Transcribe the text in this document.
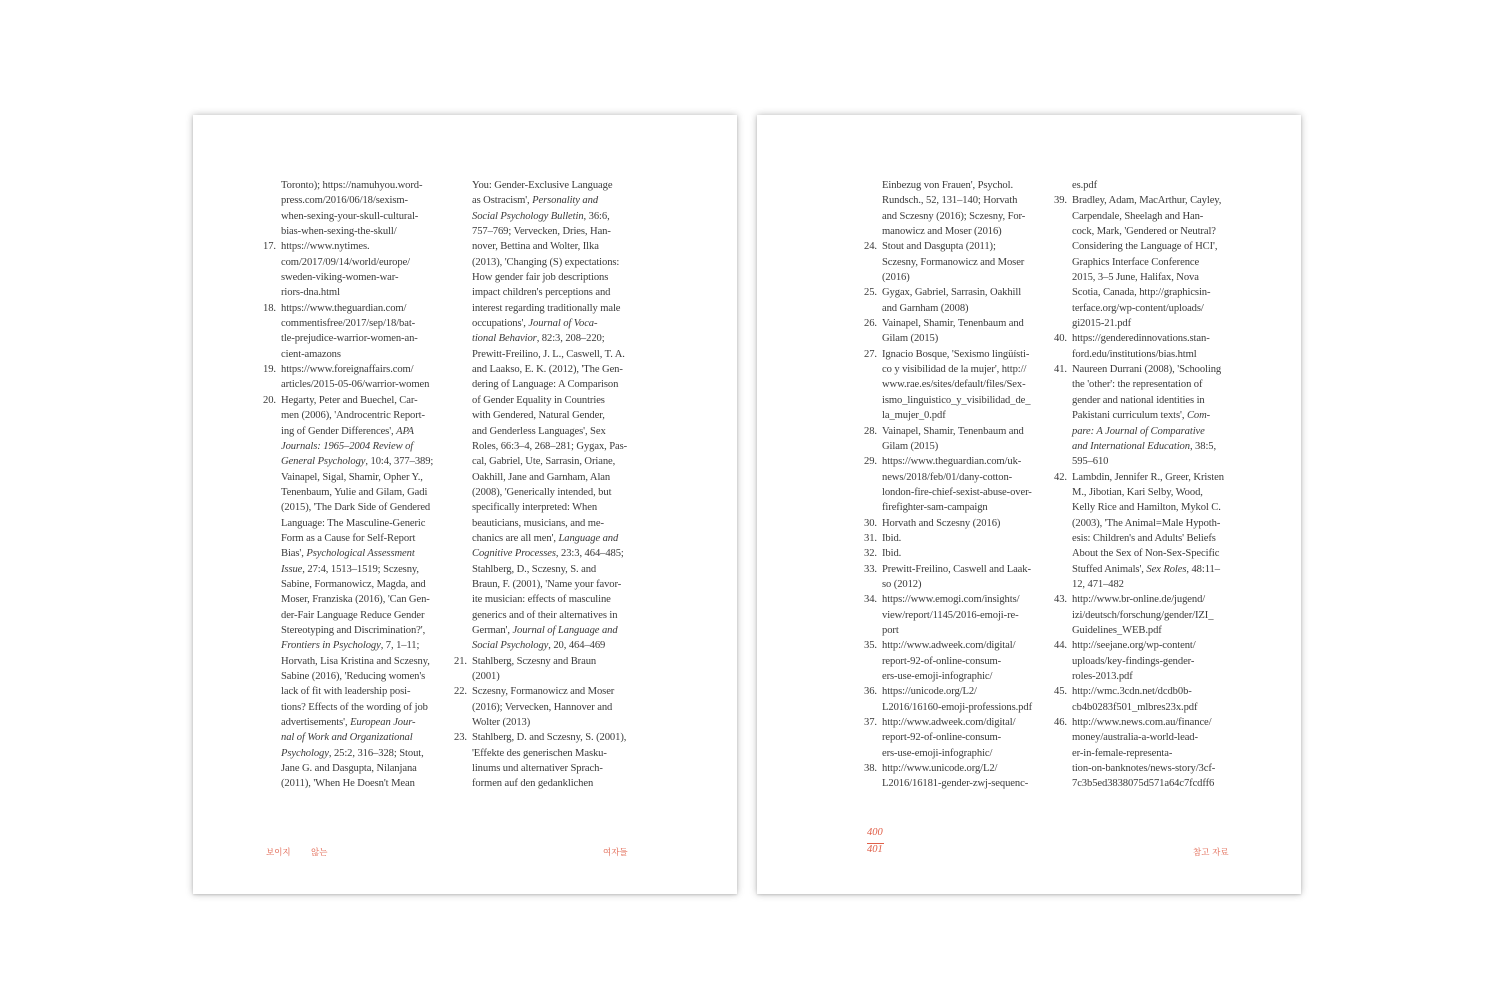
Toronto); https://namuhyou.word-
press.com/2016/06/18/sexism-
when-sexing-your-skull-cultural-
bias-when-sexing-the-skull/
17. https://www.nytimes.
com/2017/09/14/world/europe/
sweden-viking-women-war-
riors-dna.html
18. https://www.theguardian.com/
commentisfree/2017/sep/18/bat-
tle-prejudice-warrior-women-an-
cient-amazons
19. https://www.foreignaffairs.com/
articles/2015-05-06/warrior-women
20. Hegarty, Peter and Buechel, Car-
men (2006), 'Androcentric Report-
ing of Gender Differences', APA
Journals: 1965–2004 Review of
General Psychology, 10:4, 377–389;
Vainapel, Sigal, Shamir, Opher Y.,
Tenenbaum, Yulie and Gilam, Gadi
(2015), 'The Dark Side of Gendered
Language: The Masculine-Generic
Form as a Cause for Self-Report
Bias', Psychological Assessment
Issue, 27:4, 1513–1519; Sczesny,
Sabine, Formanowicz, Magda, and
Moser, Franziska (2016), 'Can Gen-
der-Fair Language Reduce Gender
Stereotyping and Discrimination?',
Frontiers in Psychology, 7, 1–11;
Horvath, Lisa Kristina and Sczesny,
Sabine (2016), 'Reducing women's
lack of fit with leadership posi-
tions? Effects of the wording of job
advertisements', European Jour-
nal of Work and Organizational
Psychology, 25:2, 316–328; Stout,
Jane G. and Dasgupta, Nilanjana
(2011), 'When He Doesn't Mean
You: Gender-Exclusive Language
as Ostracism', Personality and
Social Psychology Bulletin, 36:6,
757–769; Vervecken, Dries, Han-
nover, Bettina and Wolter, Ilka
(2013), 'Changing (S) expectations:
How gender fair job descriptions
impact children's perceptions and
interest regarding traditionally male
occupations', Journal of Voca-
tional Behavior, 82:3, 208–220;
Prewitt-Freilino, J. L., Caswell, T. A.
and Laakso, E. K. (2012), 'The Gen-
dering of Language: A Comparison
of Gender Equality in Countries
with Gendered, Natural Gender,
and Genderless Languages', Sex
Roles, 66:3–4, 268–281; Gygax, Pas-
cal, Gabriel, Ute, Sarrasin, Oriane,
Oakhill, Jane and Garnham, Alan
(2008), 'Generically intended, but
specifically interpreted: When
beauticians, musicians, and me-
chanics are all men', Language and
Cognitive Processes, 23:3, 464–485;
Stahlberg, D., Sczesny, S. and
Braun, F. (2001), 'Name your favor-
ite musician: effects of masculine
generics and of their alternatives in
German', Journal of Language and
Social Psychology, 20, 464–469
21. Stahlberg, Sczesny and Braun
(2001)
22. Sczesny, Formanowicz and Moser
(2016); Vervecken, Hannover and
Wolter (2013)
23. Stahlberg, D. and Sczesny, S. (2001),
'Effekte des generischen Masku-
linums und alternativer Sprach-
formen auf den gedanklichen
보이지 않는	여자들
Einbezug von Frauen', Psychol.
Rundsch., 52, 131–140; Horvath
and Sczesny (2016); Sczesny, For-
manowicz and Moser (2016)
24. Stout and Dasgupta (2011);
Sczesny, Formanowicz and Moser
(2016)
25. Gygax, Gabriel, Sarrasin, Oakhill
and Garnham (2008)
26. Vainapel, Shamir, Tenenbaum and
Gilam (2015)
27. Ignacio Bosque, 'Sexismo lingüísti-
co y visibilidad de la mujer', http://
www.rae.es/sites/default/files/Sex-
ismo_linguistico_y_visibilidad_de_
la_mujer_0.pdf
28. Vainapel, Shamir, Tenenbaum and
Gilam (2015)
29. https://www.theguardian.com/uk-
news/2018/feb/01/dany-cotton-
london-fire-chief-sexist-abuse-over-
firefighter-sam-campaign
30. Horvath and Sczesny (2016)
31. Ibid.
32. Ibid.
33. Prewitt-Freilino, Caswell and Laak-
so (2012)
34. https://www.emogi.com/insights/
view/report/1145/2016-emoji-re-
port
35. http://www.adweek.com/digital/
report-92-of-online-consum-
ers-use-emoji-infographic/
36. https://unicode.org/L2/
L2016/16160-emoji-professions.pdf
37. http://www.adweek.com/digital/
report-92-of-online-consum-
ers-use-emoji-infographic/
38. http://www.unicode.org/L2/
L2016/16181-gender-zwj-sequenc-
es.pdf
39. Bradley, Adam, MacArthur, Cayley,
Carpendale, Sheelagh and Han-
cock, Mark, 'Gendered or Neutral?
Considering the Language of HCI',
Graphics Interface Conference
2015, 3–5 June, Halifax, Nova
Scotia, Canada, http://graphicsin-
terface.org/wp-content/uploads/
gi2015-21.pdf
40. https://genderedinnovations.stan-
ford.edu/institutions/bias.html
41. Naureen Durrani (2008), 'Schooling
the 'other': the representation of
gender and national identities in
Pakistani curriculum texts', Com-
pare: A Journal of Comparative
and International Education, 38:5,
595–610
42. Lambdin, Jennifer R., Greer, Kristen
M., Jibotian, Kari Selby, Wood,
Kelly Rice and Hamilton, Mykol C.
(2003), 'The Animal=Male Hypoth-
esis: Children's and Adults' Beliefs
About the Sex of Non-Sex-Specific
Stuffed Animals', Sex Roles, 48:11–
12, 471–482
43. http://www.br-online.de/jugend/
izi/deutsch/forschung/gender/IZI_
Guidelines_WEB.pdf
44. http://seejane.org/wp-content/
uploads/key-findings-gender-
roles-2013.pdf
45. http://wmc.3cdn.net/dcdb0b-
cb4b0283f501_mlbres23x.pdf
46. http://www.news.com.au/finance/
money/australia-a-world-lead-
er-in-female-representa-
tion-on-banknotes/news-story/3cf-
7c3b5ed3838075d571a64c7fcdff6
400
401	참고 자료
